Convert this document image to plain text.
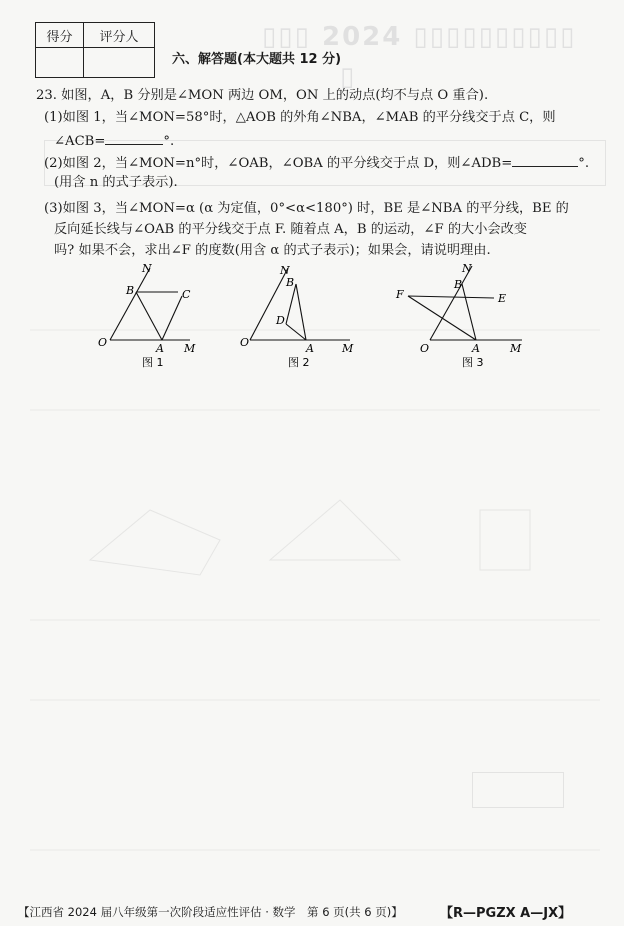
▯▯▯ 2024 ▯▯▯▯▯▯▯▯▯▯
▯
得分	评分人

六、解答题(本大题共 12 分)
23. 如图，A，B 分别是∠MON 两边 OM，ON 上的动点(均不与点 O 重合).
(1)如图 1，当∠MON=58°时，△AOB 的外角∠NBA，∠MAB 的平分线交于点 C，则
∠ACB=	°.
(2)如图 2，当∠MON=n°时，∠OAB，∠OBA 的平分线交于点 D，则∠ADB=	°.
(用含 n 的式子表示).
(3)如图 3，当∠MON=α (α 为定值，0°<α<180°) 时，BE 是∠NBA 的平分线，BE 的
反向延长线与∠OAB 的平分线交于点 F. 随着点 A，B 的运动，∠F 的大小会改变
吗? 如果不会，求出∠F 的度数(用含 α 的式子表示)；如果会，请说明理由.
N
B	C
O	A M
图 1
N
B
D
O	A	M
图 2
N
F
B
E
O	A	M
图 3
【江西省 2024 届八年级第一次阶段适应性评估 · 数学　第 6 页(共 6 页)】	【R—PGZX A—JX】
